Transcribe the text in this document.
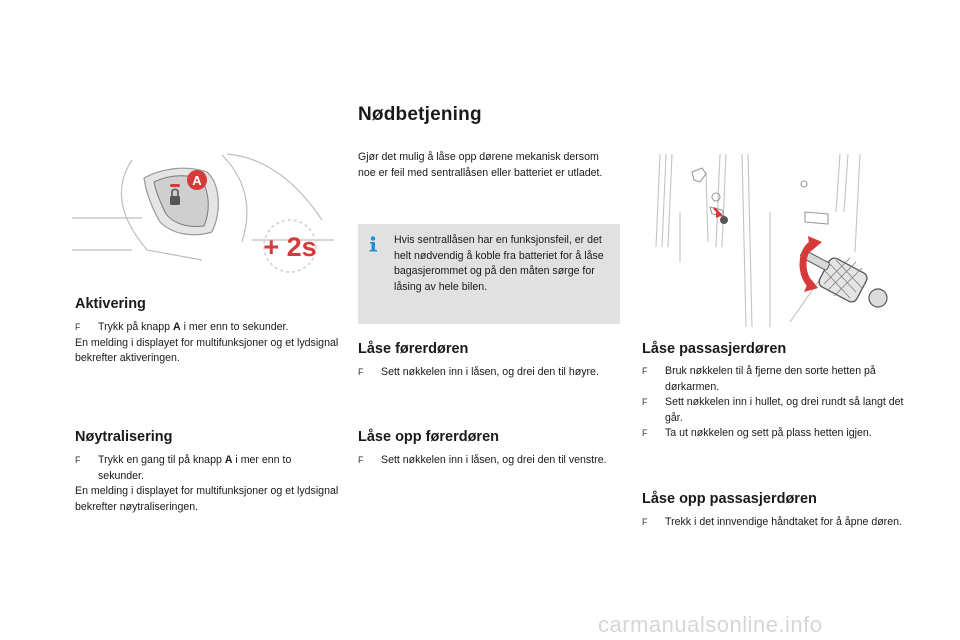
A
+ 2s
Nødbetjening
Gjør det mulig å låse opp dørene mekanisk dersom noe er feil med sentrallåsen eller batteriet er utladet.
Hvis sentrallåsen har en funksjonsfeil, er det helt nødvendig å koble fra batteriet for å låse bagasjerommet og på den måten sørge for låsing av hele bilen.
Aktivering
F Trykk på knapp A i mer enn to sekunder.
En melding i displayet for multifunksjoner og et lydsignal bekrefter aktiveringen.
Nøytralisering
F Trykk en gang til på knapp A i mer enn to sekunder.
En melding i displayet for multifunksjoner og et lydsignal bekrefter nøytraliseringen.
Låse førerdøren
F Sett nøkkelen inn i låsen, og drei den til høyre.
Låse opp førerdøren
F Sett nøkkelen inn i låsen, og drei den til venstre.
Låse passasjerdøren
F Bruk nøkkelen til å fjerne den sorte hetten på dørkarmen.
F Sett nøkkelen inn i hullet, og drei rundt så langt det går.
F Ta ut nøkkelen og sett på plass hetten igjen.
Låse opp passasjerdøren
F Trekk i det innvendige håndtaket for å åpne døren.
carmanualsonline.info
